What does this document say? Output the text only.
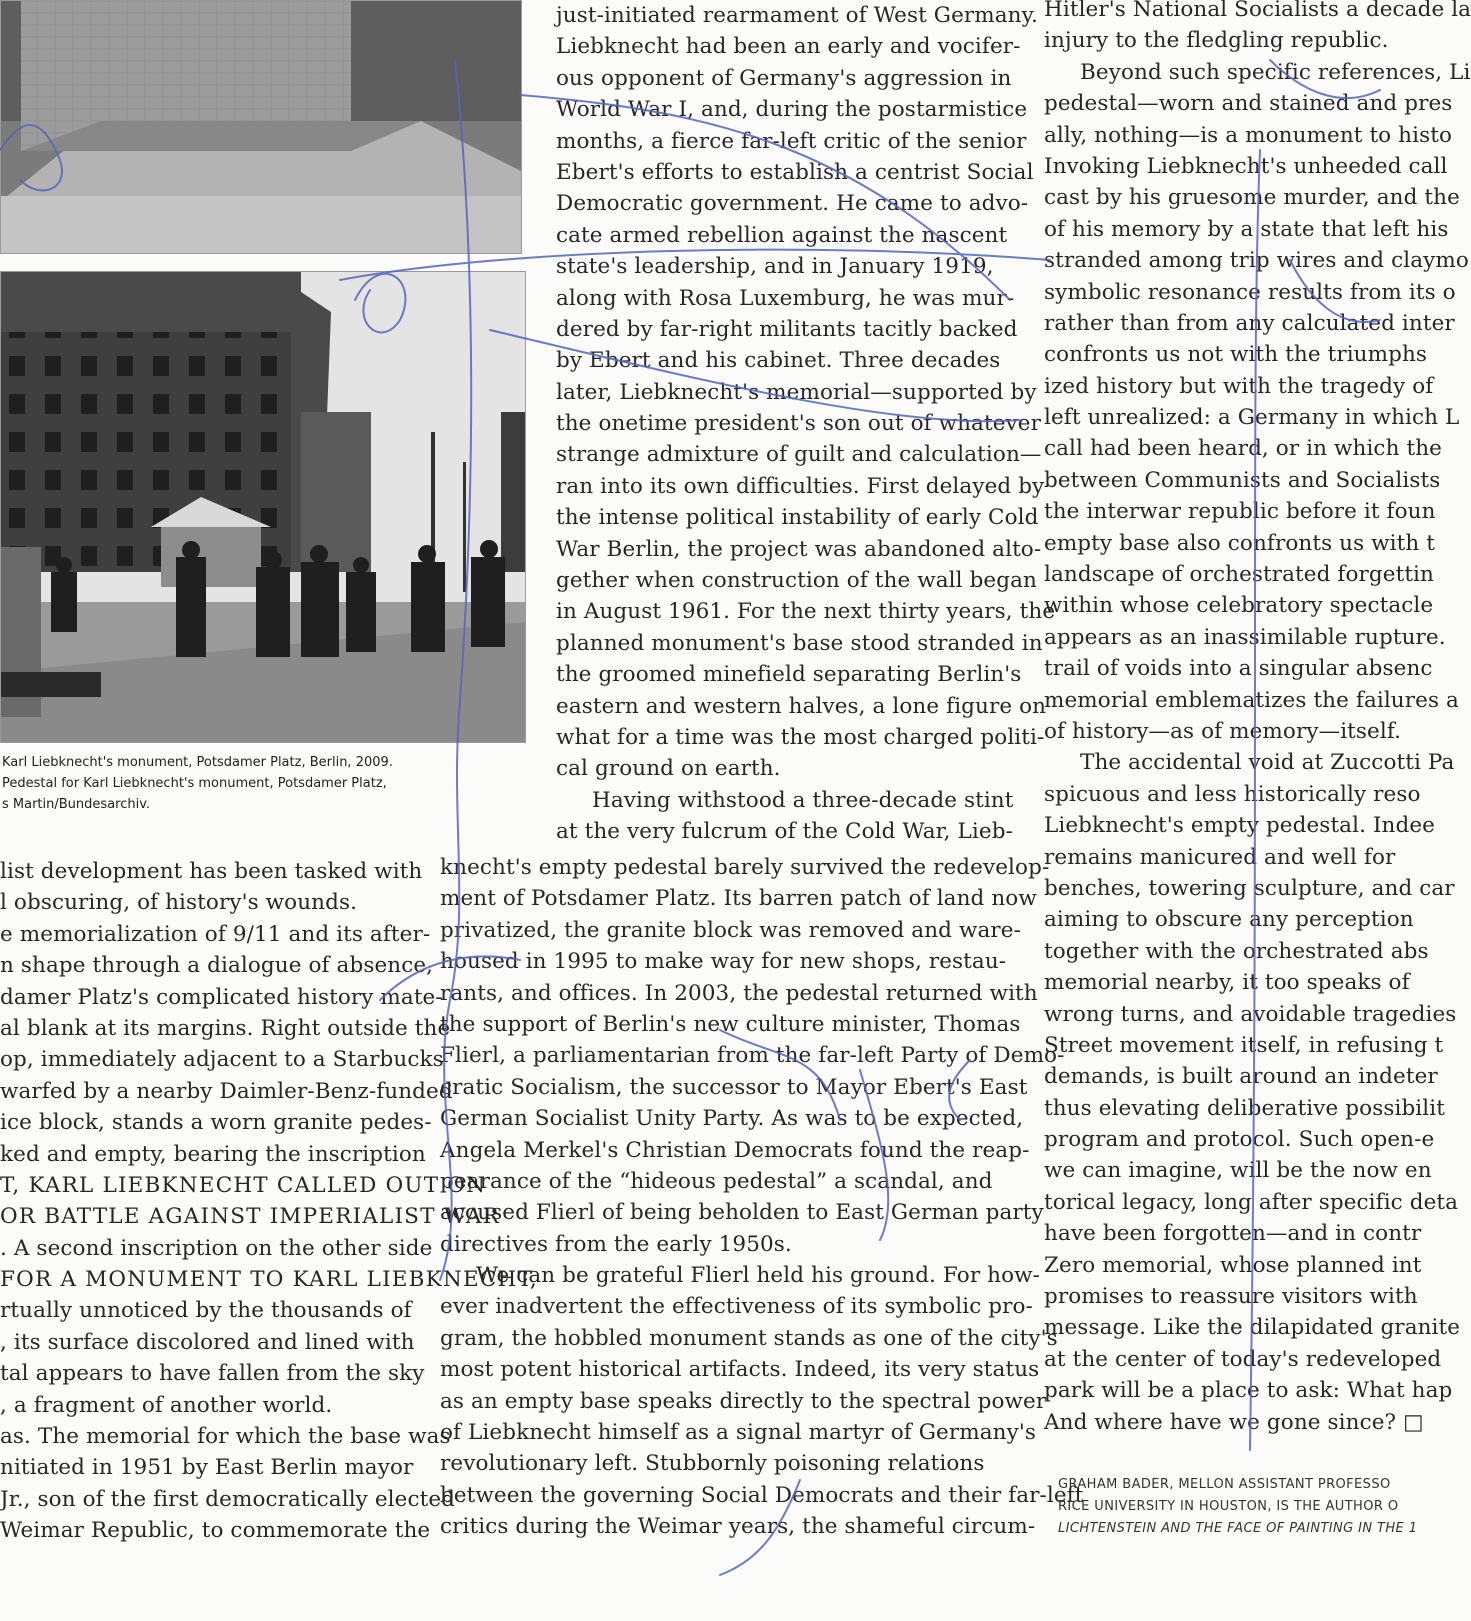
Karl Liebknecht's monument, Potsdamer Platz, Berlin, 2009.
Pedestal for Karl Liebknecht's monument, Potsdamer Platz,
s Martin/Bundesarchiv.
just-initiated rearmament of West Germany.
Liebknecht had been an early and vocifer-
ous opponent of Germany's aggression in
World War I, and, during the postarmistice
months, a fierce far-left critic of the senior
Ebert's efforts to establish a centrist Social
Democratic government. He came to advo-
cate armed rebellion against the nascent
state's leadership, and in January 1919,
along with Rosa Luxemburg, he was mur-
dered by far-right militants tacitly backed
by Ebert and his cabinet. Three decades
later, Liebknecht's memorial—supported by
the onetime president's son out of whatever
strange admixture of guilt and calculation—
ran into its own difficulties. First delayed by
the intense political instability of early Cold
War Berlin, the project was abandoned alto-
gether when construction of the wall began
in August 1961. For the next thirty years, the
planned monument's base stood stranded in
the groomed minefield separating Berlin's
eastern and western halves, a lone figure on
what for a time was the most charged politi-
cal ground on earth.
Having withstood a three-decade stint
at the very fulcrum of the Cold War, Lieb-
knecht's empty pedestal barely survived the redevelop-
ment of Potsdamer Platz. Its barren patch of land now
privatized, the granite block was removed and ware-
housed in 1995 to make way for new shops, restau-
rants, and offices. In 2003, the pedestal returned with
the support of Berlin's new culture minister, Thomas
Flierl, a parliamentarian from the far-left Party of Demo-
cratic Socialism, the successor to Mayor Ebert's East
German Socialist Unity Party. As was to be expected,
Angela Merkel's Christian Democrats found the reap-
pearance of the “hideous pedestal” a scandal, and
accused Flierl of being beholden to East German party
directives from the early 1950s.
We can be grateful Flierl held his ground. For how-
ever inadvertent the effectiveness of its symbolic pro-
gram, the hobbled monument stands as one of the city's
most potent historical artifacts. Indeed, its very status
as an empty base speaks directly to the spectral power
of Liebknecht himself as a signal martyr of Germany's
revolutionary left. Stubbornly poisoning relations
between the governing Social Democrats and their far-left
critics during the Weimar years, the shameful circum-
list development has been tasked with
l obscuring, of history's wounds.
e memorialization of 9/11 and its after-
n shape through a dialogue of absence,
damer Platz's complicated history mate-
al blank at its margins. Right outside the
op, immediately adjacent to a Starbucks
warfed by a nearby Daimler-Benz-funded
ice block, stands a worn granite pedes-
ked and empty, bearing the inscription
T, KARL LIEBKNECHT CALLED OUT ON
OR BATTLE AGAINST IMPERIALIST WAR
. A second inscription on the other side
FOR A MONUMENT TO KARL LIEBKNECHT,
rtually unnoticed by the thousands of
, its surface discolored and lined with
tal appears to have fallen from the sky
, a fragment of another world.
as. The memorial for which the base was
nitiated in 1951 by East Berlin mayor
Jr., son of the first democratically elected
Weimar Republic, to commemorate the
Hitler's National Socialists a decade la
injury to the fledgling republic.
Beyond such specific references, Li
pedestal—worn and stained and pres
ally, nothing—is a monument to histo
Invoking Liebknecht's unheeded call
cast by his gruesome murder, and the
of his memory by a state that left his
stranded among trip wires and claymo
symbolic resonance results from its o
rather than from any calculated inter
confronts us not with the triumphs
ized history but with the tragedy of
left unrealized: a Germany in which L
call had been heard, or in which the
between Communists and Socialists
the interwar republic before it foun
empty base also confronts us with t
landscape of orchestrated forgettin
within whose celebratory spectacle
appears as an inassimilable rupture.
trail of voids into a singular absenc
memorial emblematizes the failures a
of history—as of memory—itself.
The accidental void at Zuccotti Pa
spicuous and less historically reso
Liebknecht's empty pedestal. Indee
remains manicured and well for
benches, towering sculpture, and car
aiming to obscure any perception
together with the orchestrated abs
memorial nearby, it too speaks of
wrong turns, and avoidable tragedies
Street movement itself, in refusing t
demands, is built around an indeter
thus elevating deliberative possibilit
program and protocol. Such open-e
we can imagine, will be the now en
torical legacy, long after specific deta
have been forgotten—and in contr
Zero memorial, whose planned int
promises to reassure visitors with
message. Like the dilapidated granite
at the center of today's redeveloped
park will be a place to ask: What hap
And where have we gone since? □
GRAHAM BADER, MELLON ASSISTANT PROFESSO
RICE UNIVERSITY IN HOUSTON, IS THE AUTHOR O
LICHTENSTEIN AND THE FACE OF PAINTING IN THE 1
